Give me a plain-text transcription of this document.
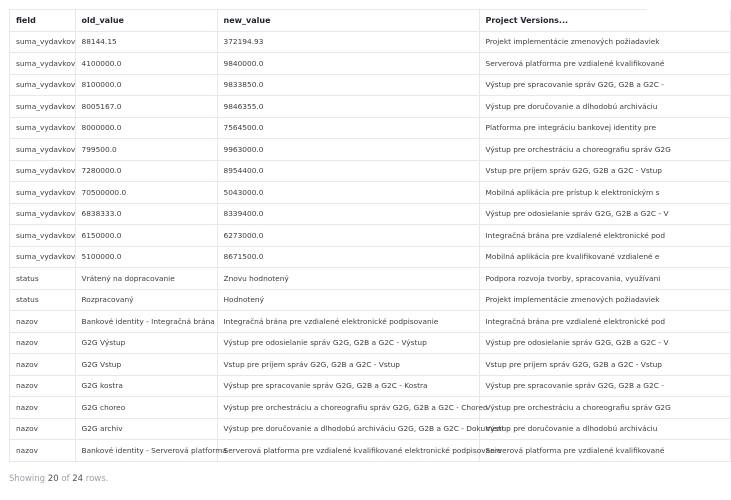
field	old_value	new_value	Project Versions...
suma_vydavkov	88144.15	372194.93	Projekt implementácie zmenových požiadaviek
suma_vydavkov	4100000.0	9840000.0	Serverová platforma pre vzdialené kvalifikované
suma_vydavkov	8100000.0	9833850.0	Výstup pre spracovanie správ G2G, G2B a G2C -
suma_vydavkov	8005167.0	9846355.0	Výstup pre doručovanie a dlhodobú archiváciu
suma_vydavkov	8000000.0	7564500.0	Platforma pre integráciu bankovej identity pre
suma_vydavkov	799500.0	9963000.0	Výstup pre orchestráciu a choreografiu správ G2G
suma_vydavkov	7280000.0	8954400.0	Vstup pre príjem správ G2G, G2B a G2C - Vstup
suma_vydavkov	70500000.0	5043000.0	Mobilná aplikácia pre prístup k elektronickým s
suma_vydavkov	6838333.0	8339400.0	Výstup pre odosielanie správ G2G, G2B a G2C - V
suma_vydavkov	6150000.0	6273000.0	Integračná brána pre vzdialené elektronické pod
suma_vydavkov	5100000.0	8671500.0	Mobilná aplikácia pre kvalifikované vzdialené e
status	Vrátený na dopracovanie	Znovu hodnotený	Podpora rozvoja tvorby, spracovania, využívani
status	Rozpracovaný	Hodnotený	Projekt implementácie zmenových požiadaviek
nazov	Bankové identity - Integračná brána	Integračná brána pre vzdialené elektronické podpisovanie	Integračná brána pre vzdialené elektronické pod
nazov	G2G Výstup	Výstup pre odosielanie správ G2G, G2B a G2C - Výstup	Výstup pre odosielanie správ G2G, G2B a G2C - V
nazov	G2G Vstup	Vstup pre príjem správ G2G, G2B a G2C - Vstup	Vstup pre príjem správ G2G, G2B a G2C - Vstup
nazov	G2G kostra	Výstup pre spracovanie správ G2G, G2B a G2C - Kostra	Výstup pre spracovanie správ G2G, G2B a G2C -
nazov	G2G choreo	Výstup pre orchestráciu a choreografiu správ G2G, G2B a G2C - Choreo	Výstup pre orchestráciu a choreografiu správ G2G
nazov	G2G archiv	Výstup pre doručovanie a dlhodobú archiváciu G2G, G2B a G2C - Dokument	Výstup pre doručovanie a dlhodobú archiváciu
nazov	Bankové identity - Serverová platforma	Serverová platforma pre vzdialené kvalifikované elektronické podpisovanie	Serverová platforma pre vzdialené kvalifikované
Showing 20 of 24 rows.
